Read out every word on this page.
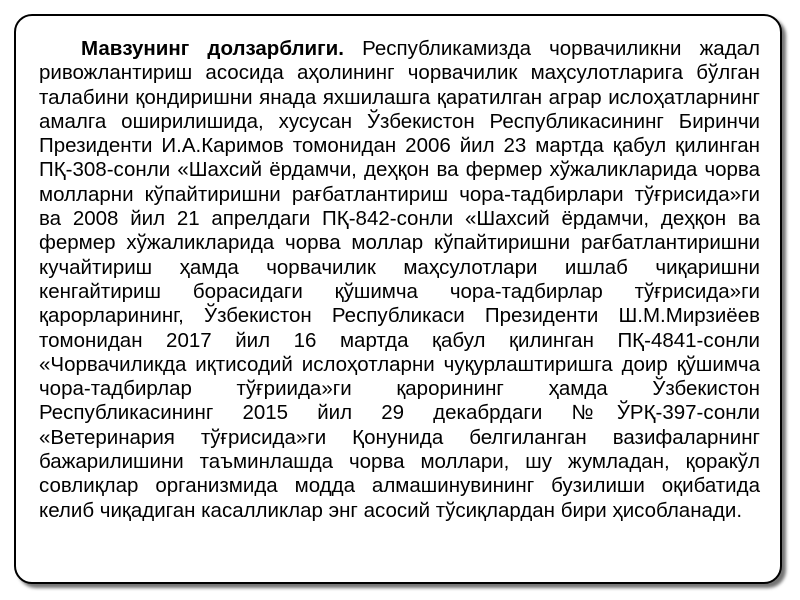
Мавзунинг долзарблиги. Республикамизда чорвачиликни жадал ривожлантириш асосида аҳолининг чорвачилик маҳсулотларига бўлган талабини қондиришни янада яхшилашга қаратилган аграр ислоҳатларнинг амалга оширилишида, хусусан Ўзбекистон Республикасининг Биринчи Президенти И.А.Каримов томонидан 2006 йил 23 мартда қабул қилинган ПҚ-308-сонли «Шахсий ёрдамчи, деҳқон ва фермер хўжаликларида чорва молларни кўпайтиришни рағбатлантириш чора-тадбирлари тўғрисида»ги ва 2008 йил 21 апрелдаги ПҚ-842-сонли «Шахсий ёрдамчи, деҳқон ва фермер хўжаликларида чорва моллар кўпайтиришни рағбатлантиришни кучайтириш ҳамда чорвачилик маҳсулотлари ишлаб чиқаришни кенгайтириш борасидаги қўшимча чора-тадбирлар тўғрисида»ги қарорларининг, Ўзбекистон Республикаси Президенти Ш.М.Мирзиёев томонидан 2017 йил 16 мартда қабул қилинган ПҚ-4841-сонли «Чорвачиликда иқтисодий ислоҳотларни чуқурлаштиришга доир қўшимча чора-тадбирлар тўғриида»ги қарорининг ҳамда Ўзбекистон Республикасининг 2015 йил 29 декабрдаги №ЎРҚ-397-сонли «Ветеринария тўғрисида»ги Қонунида белгиланган вазифаларнинг бажарилишини таъминлашда чорва моллари, шу жумладан, қоракўл совлиқлар организмида модда алмашинувининг бузилиши оқибатида келиб чиқадиган касалликлар энг асосий тўсиқлардан бири ҳисобланади.
